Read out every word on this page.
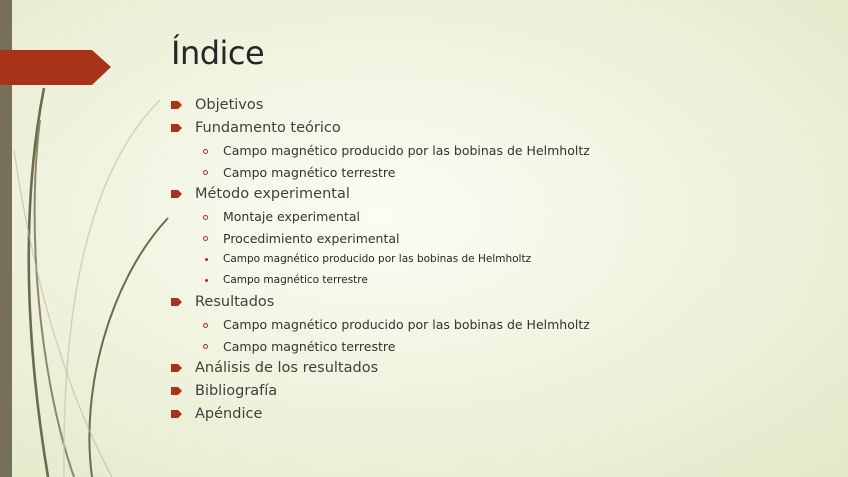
Índice
Objetivos
Fundamento teórico
Campo magnético producido por las bobinas de Helmholtz
Campo magnético terrestre
Método experimental
Montaje experimental
Procedimiento experimental
Campo magnético producido por las bobinas de Helmholtz
Campo magnético terrestre
Resultados
Campo magnético producido por las bobinas de Helmholtz
Campo magnético terrestre
Análisis de los resultados
Bibliografía
Apéndice
